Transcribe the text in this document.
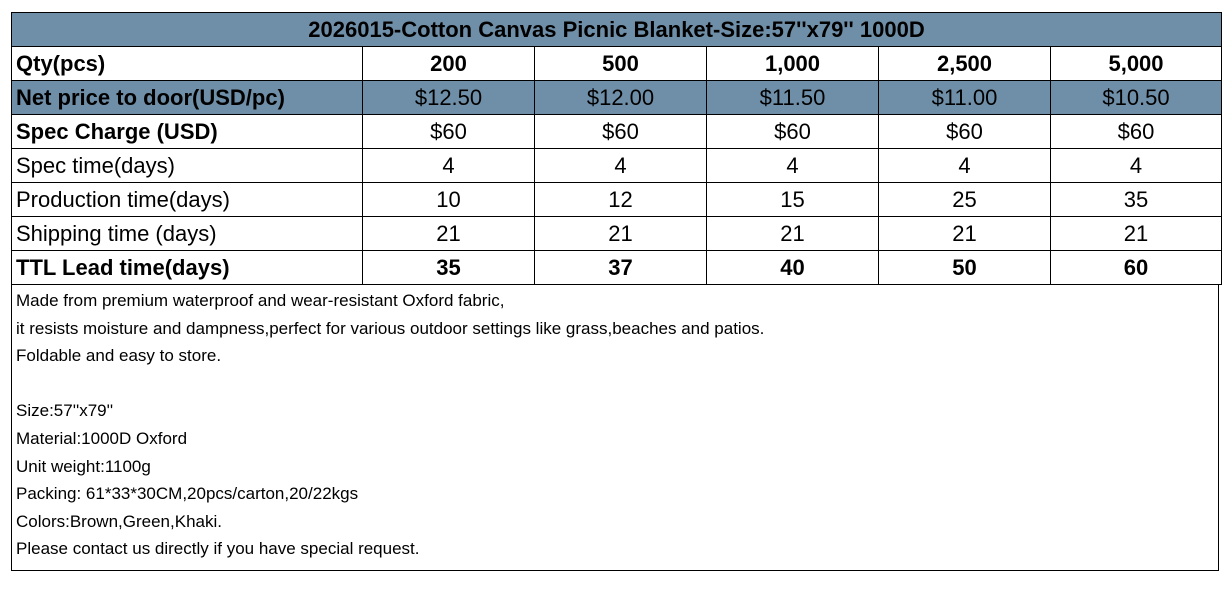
2026015-Cotton Canvas Picnic Blanket-Size:57''x79'' 1000D					
Qty(pcs)	200	500	1,000	2,500	5,000
Net price to door(USD/pc)	$12.50	$12.00	$11.50	$11.00	$10.50
Spec Charge (USD)	$60	$60	$60	$60	$60
Spec time(days)	4	4	4	4	4
Production time(days)	10	12	15	25	35
Shipping time (days)	21	21	21	21	21
TTL Lead time(days)	35	37	40	50	60
Made from premium waterproof and wear-resistant Oxford fabric,
it resists moisture and dampness,perfect for various outdoor settings like grass,beaches and patios.
Foldable and easy to store.
Size:57''x79''
Material:1000D Oxford
Unit weight:1100g
Packing: 61*33*30CM,20pcs/carton,20/22kgs
Colors:Brown,Green,Khaki.
Please contact us directly if you have special request.
